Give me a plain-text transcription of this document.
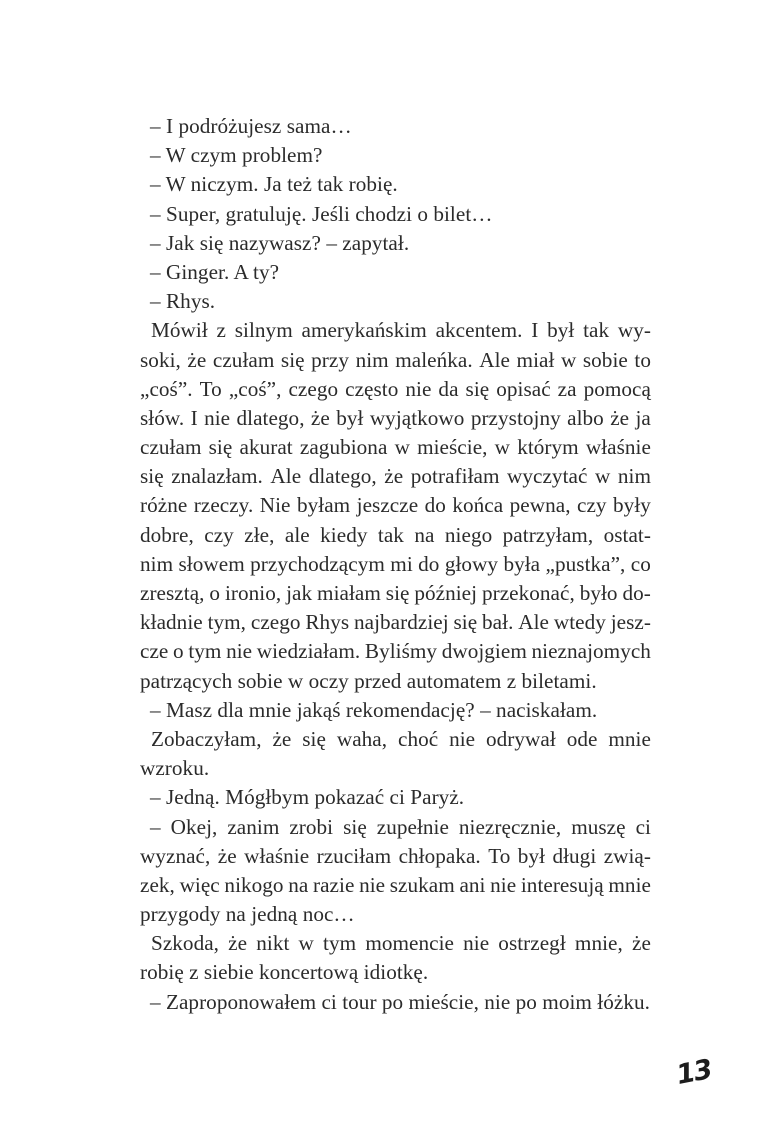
– I podróżujesz sama…
– W czym problem?
– W niczym. Ja też tak robię.
– Super, gratuluję. Jeśli chodzi o bilet…
– Jak się nazywasz? – zapytał.
– Ginger. A ty?
– Rhys.
Mówił z silnym amerykańskim akcentem. I był tak wy-
soki, że czułam się przy nim maleńka. Ale miał w sobie to
„coś”. To „coś”, czego często nie da się opisać za pomocą
słów. I nie dlatego, że był wyjątkowo przystojny albo że ja
czułam się akurat zagubiona w mieście, w którym właśnie
się znalazłam. Ale dlatego, że potrafiłam wyczytać w nim
różne rzeczy. Nie byłam jeszcze do końca pewna, czy były
dobre, czy złe, ale kiedy tak na niego patrzyłam, ostat-
nim słowem przychodzącym mi do głowy była „pustka”, co
zresztą, o ironio, jak miałam się później przekonać, było do-
kładnie tym, czego Rhys najbardziej się bał. Ale wtedy jesz-
cze o tym nie wiedziałam. Byliśmy dwojgiem nieznajomych
patrzących sobie w oczy przed automatem z biletami.
– Masz dla mnie jakąś rekomendację? – naciskałam.
Zobaczyłam, że się waha, choć nie odrywał ode mnie
wzroku.
– Jedną. Mógłbym pokazać ci Paryż.
– Okej, zanim zrobi się zupełnie niezręcznie, muszę ci
wyznać, że właśnie rzuciłam chłopaka. To był długi zwią-
zek, więc nikogo na razie nie szukam ani nie interesują mnie
przygody na jedną noc…
Szkoda, że nikt w tym momencie nie ostrzegł mnie, że
robię z siebie koncertową idiotkę.
– Zaproponowałem ci tour po mieście, nie po moim łóżku.
13
